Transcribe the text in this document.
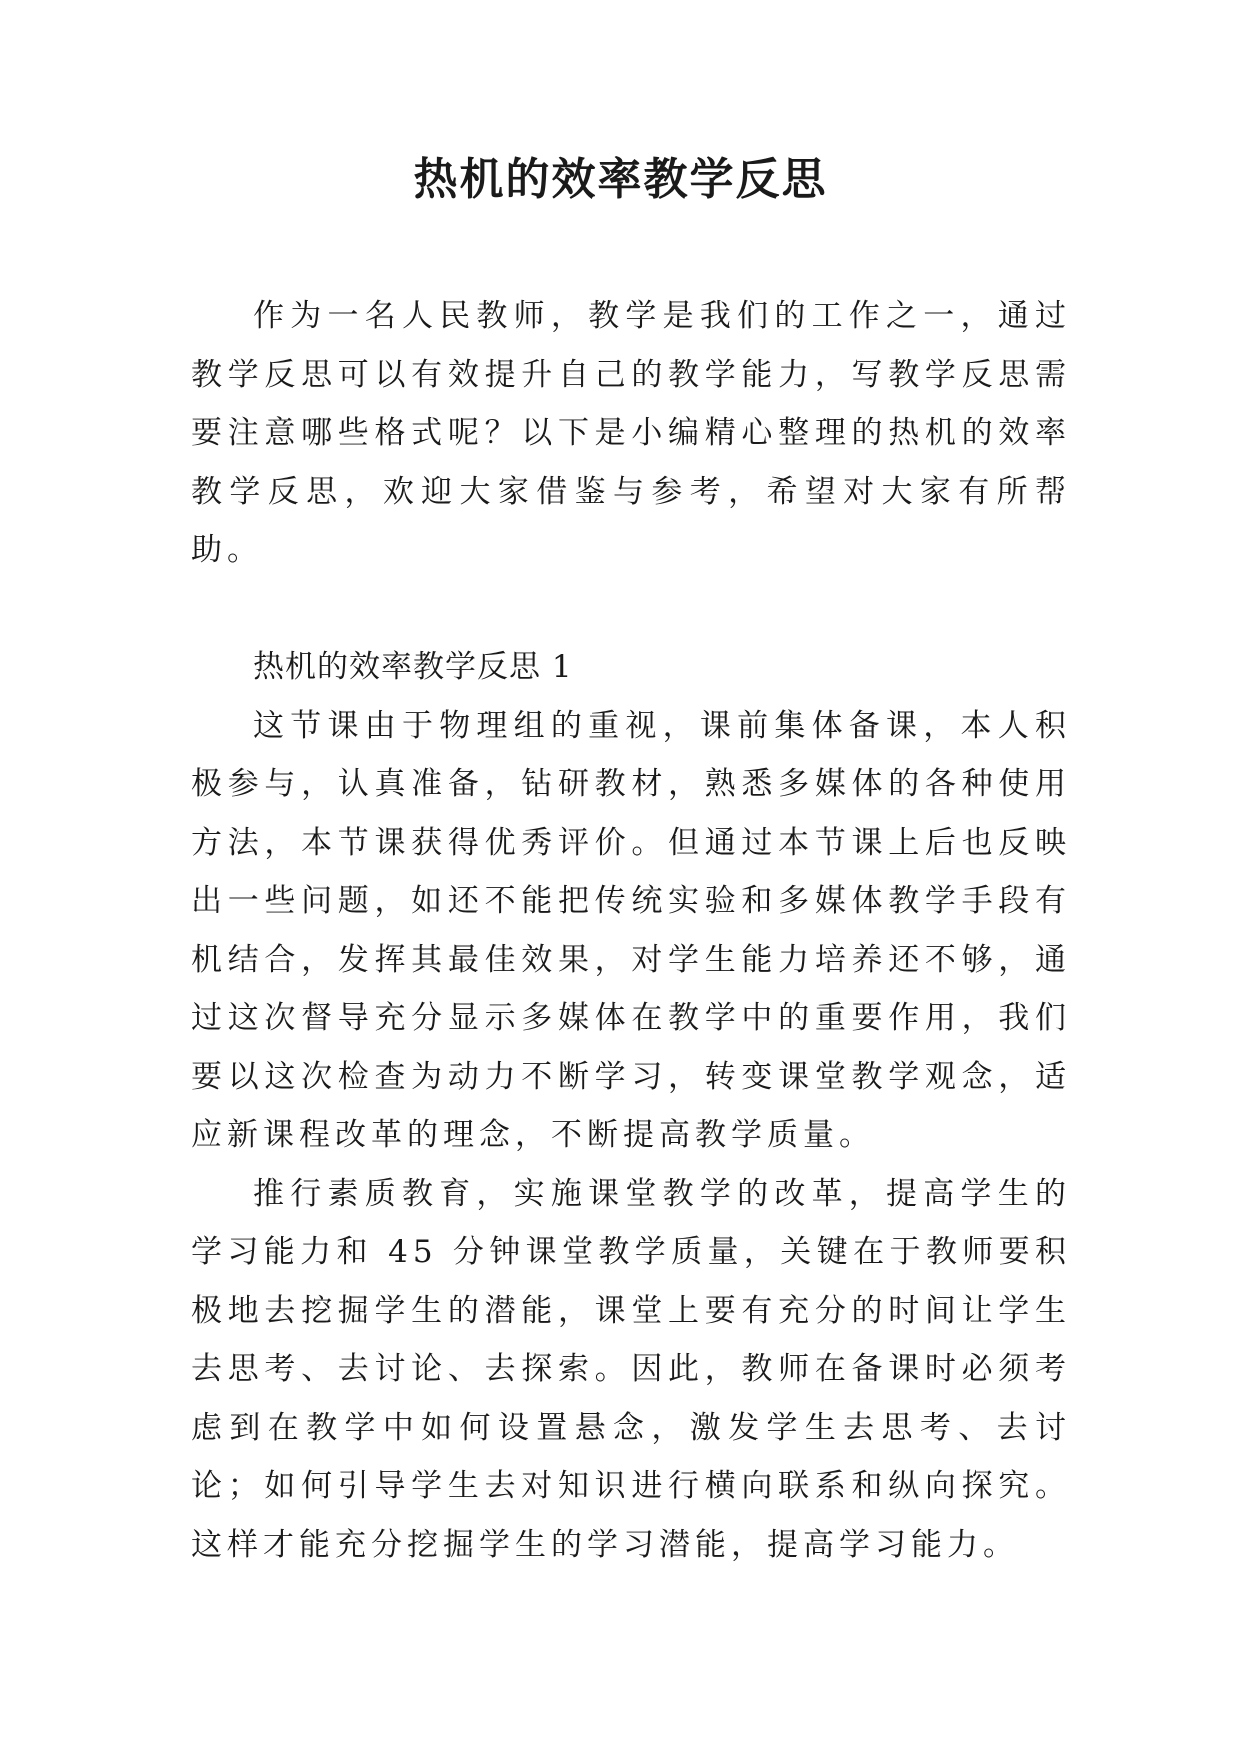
热机的效率教学反思

作为一名人民教师，教学是我们的工作之一，通过教学反思可以有效提升自己的教学能力，写教学反思需要注意哪些格式呢？以下是小编精心整理的热机的效率教学反思，欢迎大家借鉴与参考，希望对大家有所帮助。

热机的效率教学反思 1

这节课由于物理组的重视，课前集体备课，本人积极参与，认真准备，钻研教材，熟悉多媒体的各种使用方法，本节课获得优秀评价。但通过本节课上后也反映出一些问题，如还不能把传统实验和多媒体教学手段有机结合，发挥其最佳效果，对学生能力培养还不够，通过这次督导充分显示多媒体在教学中的重要作用，我们要以这次检查为动力不断学习，转变课堂教学观念，适应新课程改革的理念，不断提高教学质量。

推行素质教育，实施课堂教学的改革，提高学生的学习能力和 45 分钟课堂教学质量，关键在于教师要积极地去挖掘学生的潜能，课堂上要有充分的时间让学生去思考、去讨论、去探索。因此，教师在备课时必须考虑到在教学中如何设置悬念，激发学生去思考、去讨论；如何引导学生去对知识进行横向联系和纵向探究。这样才能充分挖掘学生的学习潜能，提高学习能力。
